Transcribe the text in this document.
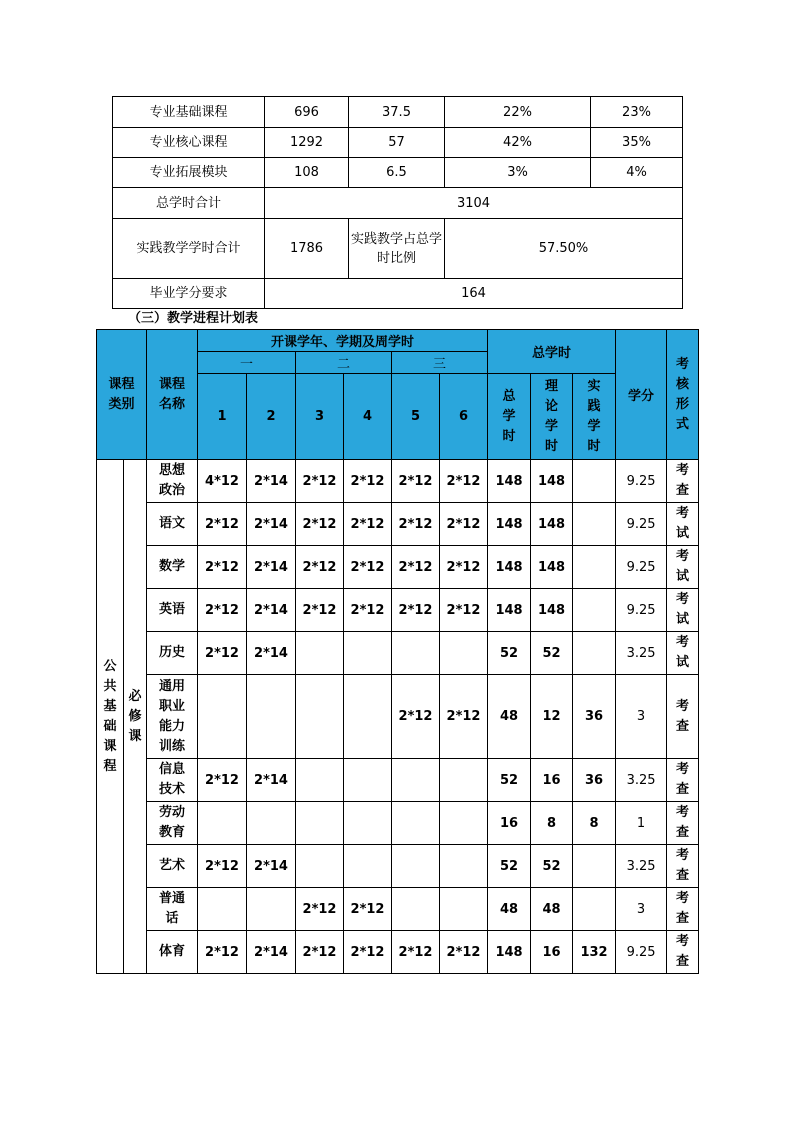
专业基础课程	696	37.5	22%	23%
专业核心课程	1292	57	42%	35%
专业拓展模块	108	6.5	3%	4%
总学时合计	3104			
实践教学学时合计	1786	实践教学占总学时比例	57.50%	
毕业学分要求	164			
（三）教学进程计划表
课程类别		课程名称	开课学年、学期及周学时						总学时			学分	考核形式
			一		二		三						
			1	2	3	4	5	6	总学时	理论学时	实践学时		
公共基础课程	必修课	思想政治	4*12	2*14	2*12	2*12	2*12	2*12	148	148		9.25	考查
		语文	2*12	2*14	2*12	2*12	2*12	2*12	148	148		9.25	考试
		数学	2*12	2*14	2*12	2*12	2*12	2*12	148	148		9.25	考试
		英语	2*12	2*14	2*12	2*12	2*12	2*12	148	148		9.25	考试
		历史	2*12	2*14					52	52		3.25	考试
		通用职业能力训练					2*12	2*12	48	12	36	3	考查
		信息技术	2*12	2*14					52	16	36	3.25	考查
		劳动教育							16	8	8	1	考查
		艺术	2*12	2*14					52	52		3.25	考查
		普通话			2*12	2*12			48	48		3	考查
		体育	2*12	2*14	2*12	2*12	2*12	2*12	148	16	132	9.25	考查
